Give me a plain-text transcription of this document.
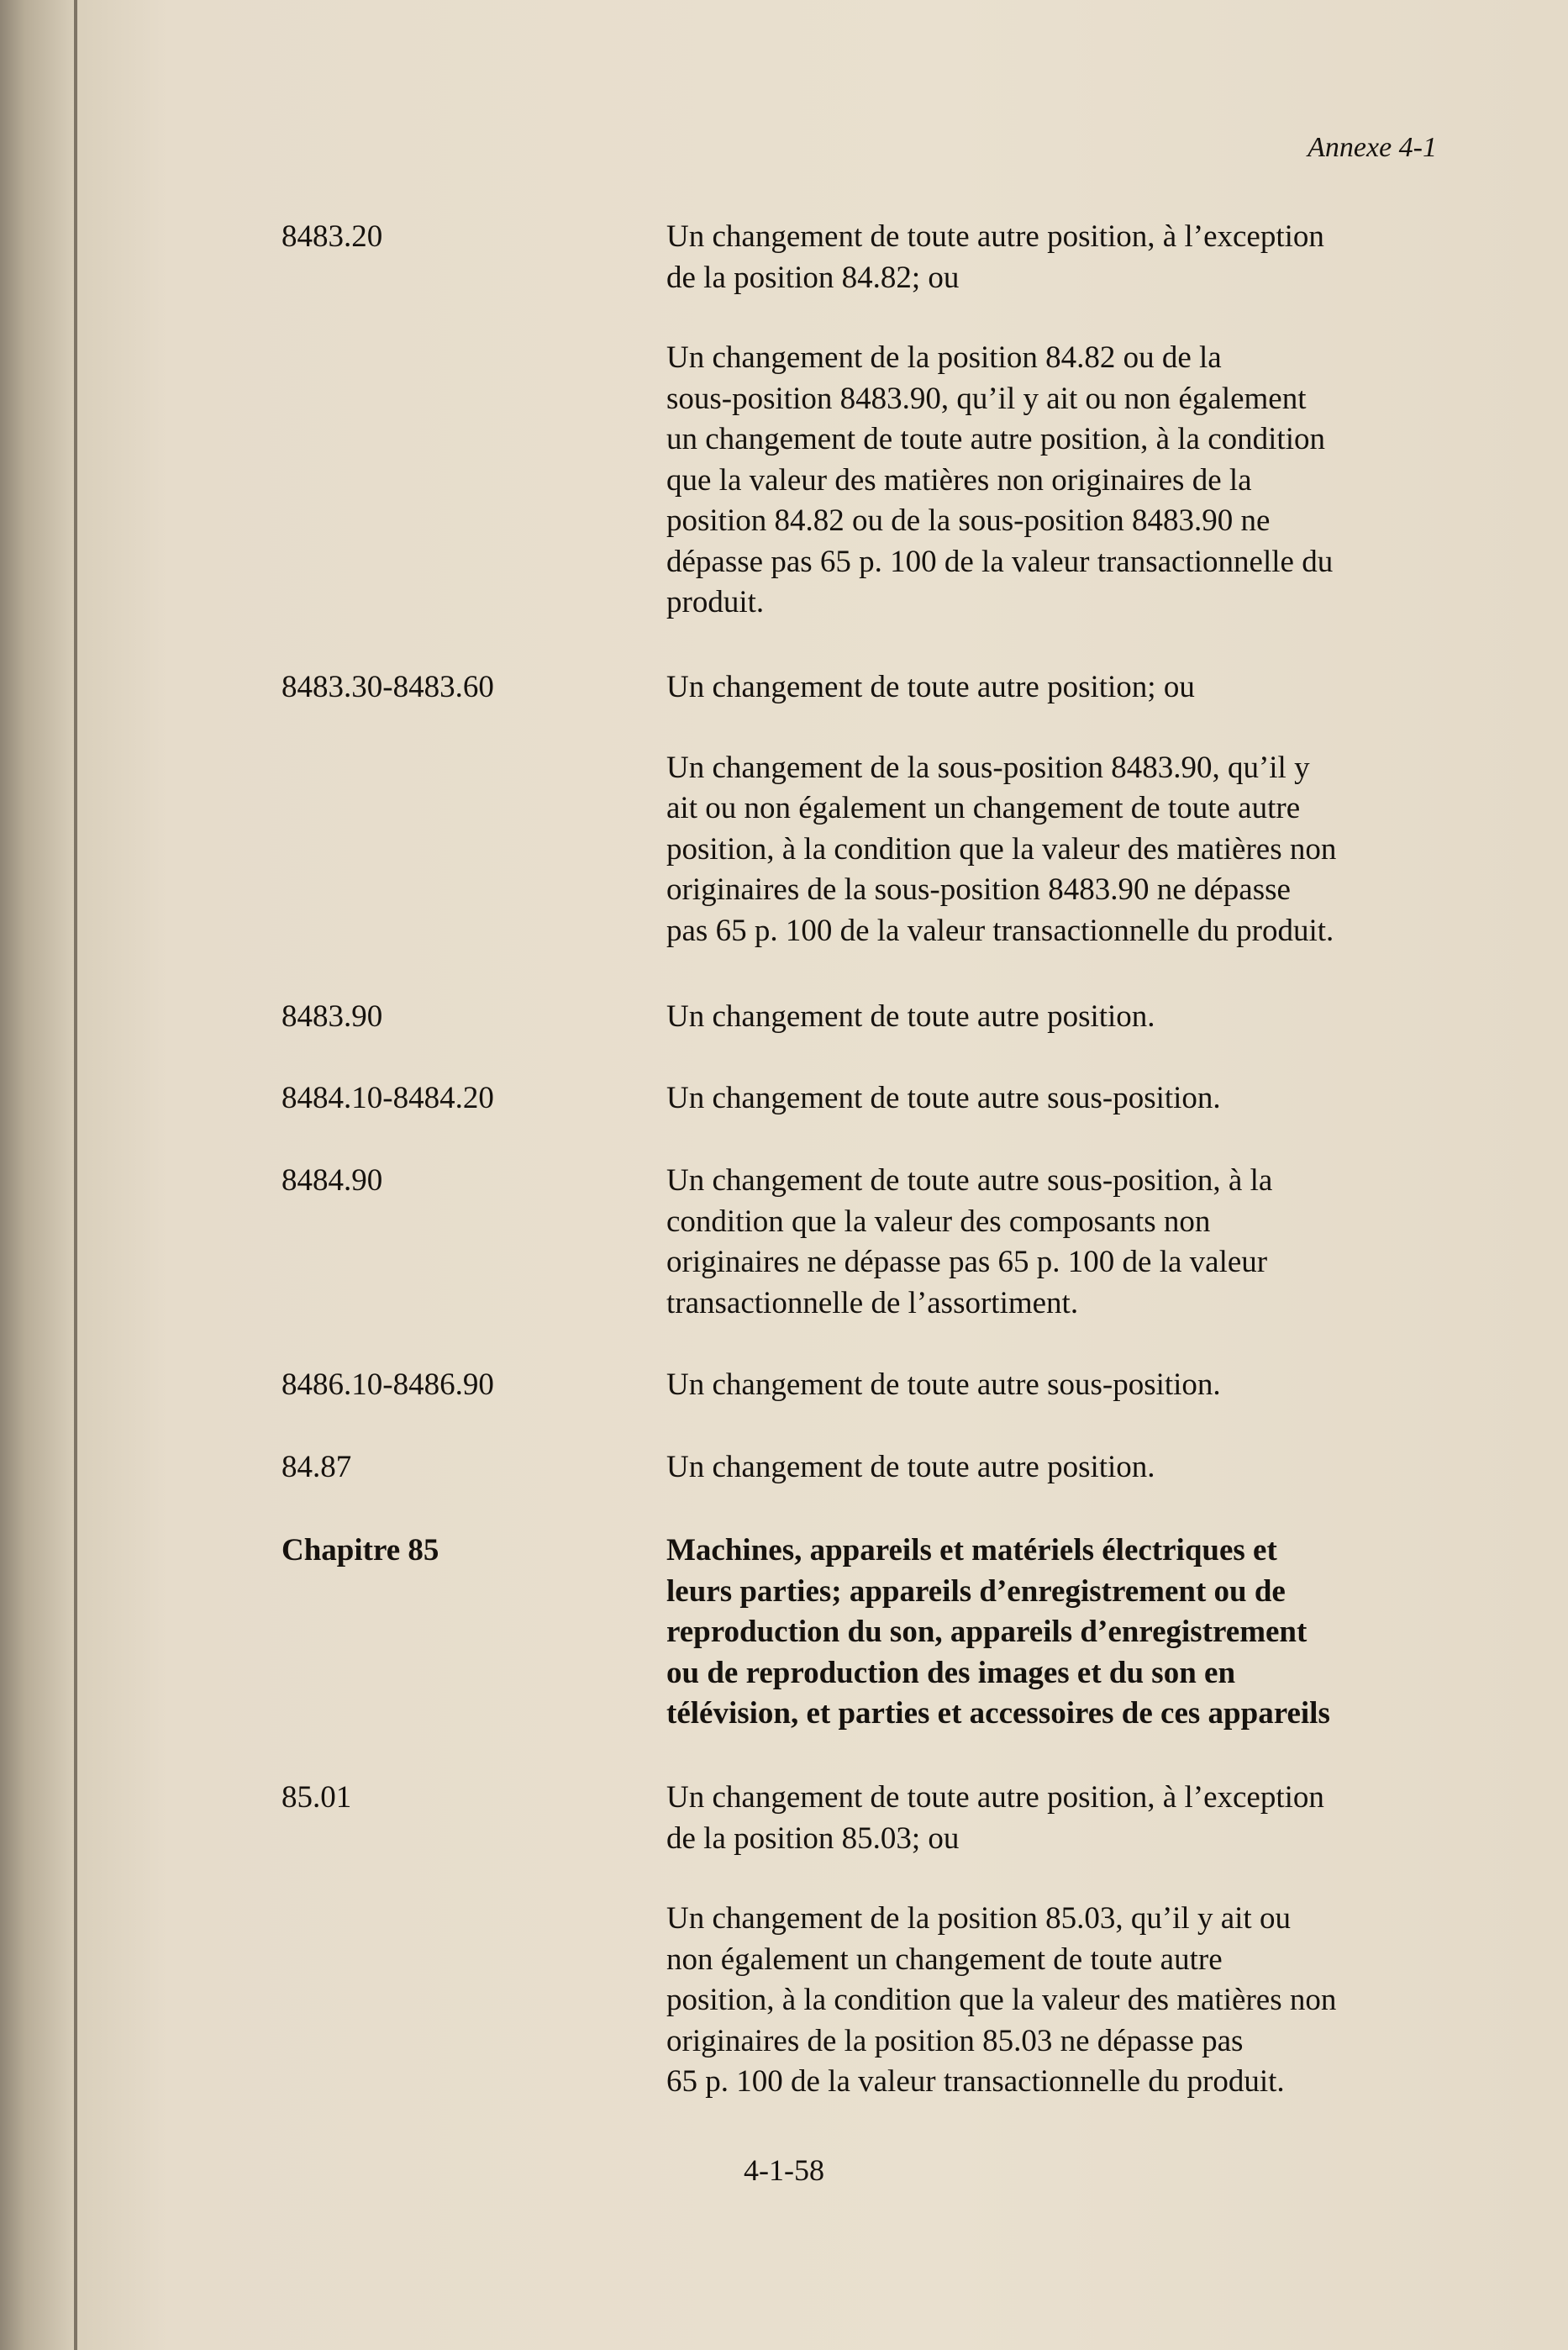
Annexe 4-1
8483.20	Un changement de toute autre position, à l’exception

de la position 84.82; ou

Un changement de la position 84.82 ou de la

sous-position 8483.90, qu’il y ait ou non également

un changement de toute autre position, à la condition

que la valeur des matières non originaires de la

position 84.82 ou de la sous-position 8483.90 ne

dépasse pas 65 p. 100 de la valeur transactionnelle du

produit.

8483.30-8483.60	Un changement de toute autre position; ou

Un changement de la sous-position 8483.90, qu’il y

ait ou non également un changement de toute autre

position, à la condition que la valeur des matières non

originaires de la sous-position 8483.90 ne dépasse

pas 65 p. 100 de la valeur transactionnelle du produit.

8483.90	Un changement de toute autre position.

8484.10-8484.20	Un changement de toute autre sous-position.

8484.90	Un changement de toute autre sous-position, à la

condition que la valeur des composants non

originaires ne dépasse pas 65 p. 100 de la valeur

transactionnelle de l’assortiment.

8486.10-8486.90	Un changement de toute autre sous-position.

84.87	Un changement de toute autre position.

Chapitre 85	Machines, appareils et matériels électriques et

leurs parties; appareils d’enregistrement ou de

reproduction du son, appareils d’enregistrement

ou de reproduction des images et du son en

télévision, et parties et accessoires de ces appareils

85.01	Un changement de toute autre position, à l’exception

de la position 85.03; ou

Un changement de la position 85.03, qu’il y ait ou

non également un changement de toute autre

position, à la condition que la valeur des matières non

originaires de la position 85.03 ne dépasse pas

65 p. 100 de la valeur transactionnelle du produit.

4-1-58
